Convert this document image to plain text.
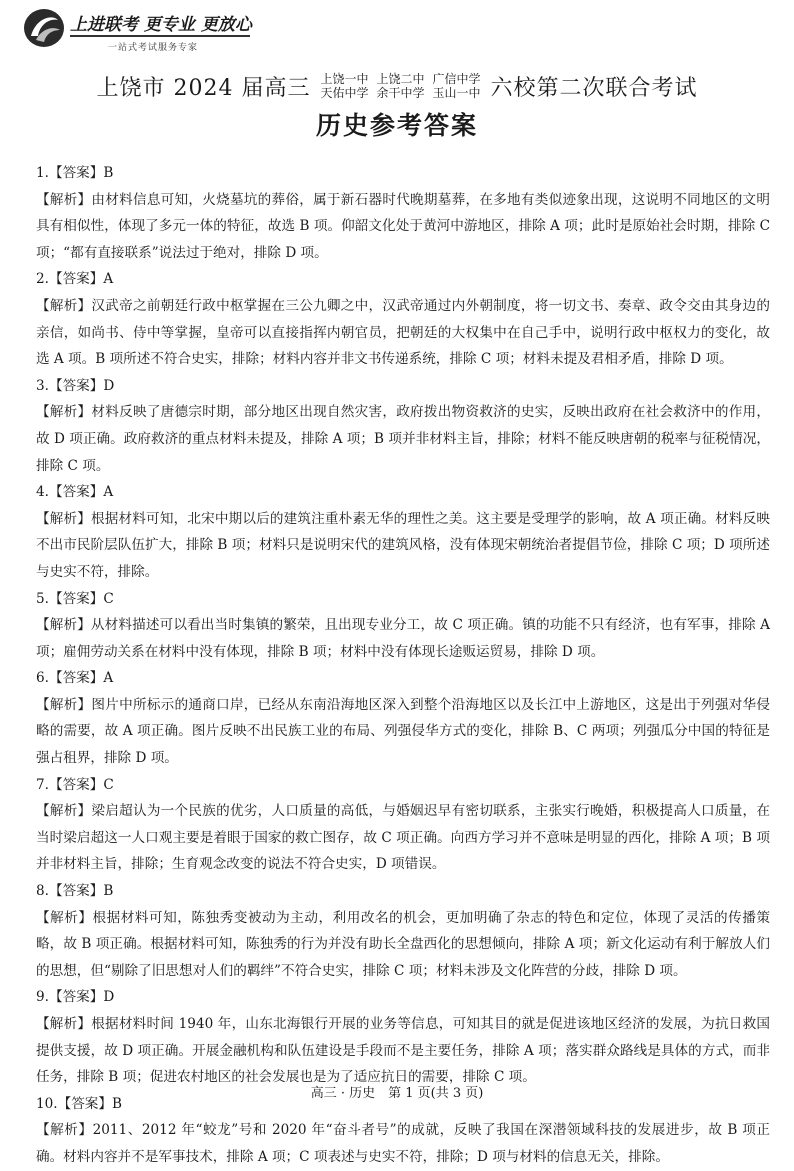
上进联考 更专业 更放心
一站式考试服务专家
上饶市 2024 届高三 上饶一中 上饶二中 广信中学
天佑中学 余干中学 玉山一中 六校第二次联合考试
历史参考答案
1.【答案】B
【解析】由材料信息可知，火烧墓坑的葬俗，属于新石器时代晚期墓葬，在多地有类似迹象出现，这说明不同地区的文明具有相似性，体现了多元一体的特征，故选 B 项。仰韶文化处于黄河中游地区，排除 A 项；此时是原始社会时期，排除 C 项；“都有直接联系”说法过于绝对，排除 D 项。
2.【答案】A
【解析】汉武帝之前朝廷行政中枢掌握在三公九卿之中，汉武帝通过内外朝制度，将一切文书、奏章、政令交由其身边的亲信，如尚书、侍中等掌握，皇帝可以直接指挥内朝官员，把朝廷的大权集中在自己手中，说明行政中枢权力的变化，故选 A 项。B 项所述不符合史实，排除；材料内容并非文书传递系统，排除 C 项；材料未提及君相矛盾，排除 D 项。
3.【答案】D
【解析】材料反映了唐德宗时期，部分地区出现自然灾害，政府拨出物资救济的史实，反映出政府在社会救济中的作用，故 D 项正确。政府救济的重点材料未提及，排除 A 项；B 项并非材料主旨，排除；材料不能反映唐朝的税率与征税情况，排除 C 项。
4.【答案】A
【解析】根据材料可知，北宋中期以后的建筑注重朴素无华的理性之美。这主要是受理学的影响，故 A 项正确。材料反映不出市民阶层队伍扩大，排除 B 项；材料只是说明宋代的建筑风格，没有体现宋朝统治者提倡节俭，排除 C 项；D 项所述与史实不符，排除。
5.【答案】C
【解析】从材料描述可以看出当时集镇的繁荣，且出现专业分工，故 C 项正确。镇的功能不只有经济，也有军事，排除 A 项；雇佣劳动关系在材料中没有体现，排除 B 项；材料中没有体现长途贩运贸易，排除 D 项。
6.【答案】A
【解析】图片中所标示的通商口岸，已经从东南沿海地区深入到整个沿海地区以及长江中上游地区，这是出于列强对华侵略的需要，故 A 项正确。图片反映不出民族工业的布局、列强侵华方式的变化，排除 B、C 两项；列强瓜分中国的特征是强占租界，排除 D 项。
7.【答案】C
【解析】梁启超认为一个民族的优劣，人口质量的高低，与婚姻迟早有密切联系，主张实行晚婚，积极提高人口质量，在当时梁启超这一人口观主要是着眼于国家的救亡图存，故 C 项正确。向西方学习并不意味是明显的西化，排除 A 项；B 项并非材料主旨，排除；生育观念改变的说法不符合史实，D 项错误。
8.【答案】B
【解析】根据材料可知，陈独秀变被动为主动，利用改名的机会，更加明确了杂志的特色和定位，体现了灵活的传播策略，故 B 项正确。根据材料可知，陈独秀的行为并没有助长全盘西化的思想倾向，排除 A 项；新文化运动有利于解放人们的思想，但“剔除了旧思想对人们的羁绊”不符合史实，排除 C 项；材料未涉及文化阵营的分歧，排除 D 项。
9.【答案】D
【解析】根据材料时间 1940 年，山东北海银行开展的业务等信息，可知其目的就是促进该地区经济的发展，为抗日救国提供支援，故 D 项正确。开展金融机构和队伍建设是手段而不是主要任务，排除 A 项；落实群众路线是具体的方式，而非任务，排除 B 项；促进农村地区的社会发展也是为了适应抗日的需要，排除 C 项。
10.【答案】B
【解析】2011、2012 年“蛟龙”号和 2020 年“奋斗者号”的成就，反映了我国在深潜领域科技的发展进步，故 B 项正确。材料内容并不是军事技术，排除 A 项；C 项表述与史实不符，排除；D 项与材料的信息无关，排除。
高三 · 历史　第 1 页(共 3 页)
